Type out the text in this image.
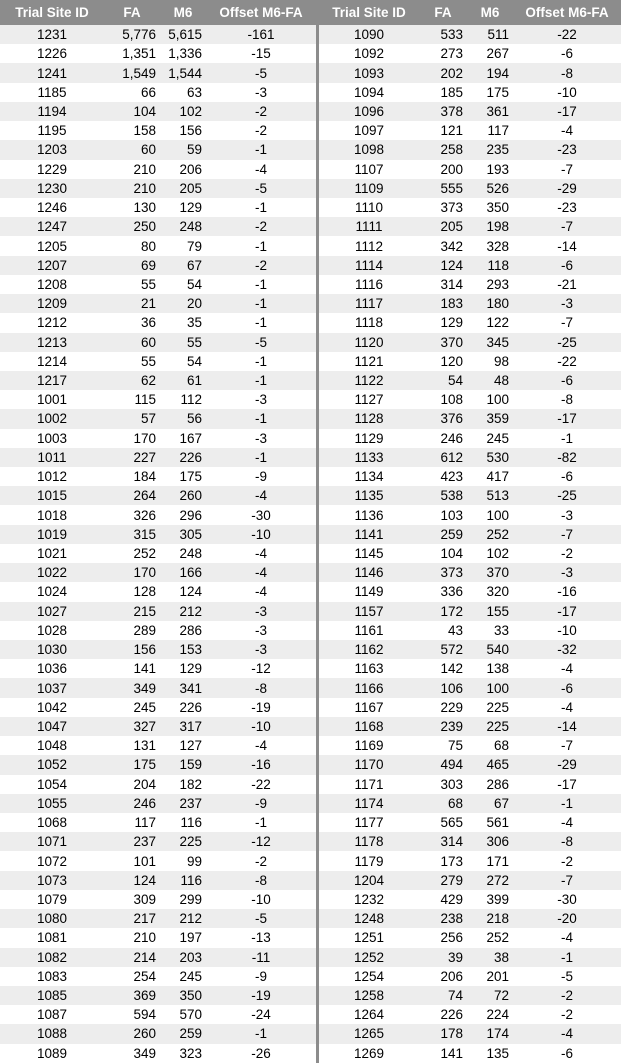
Trial Site ID	FA	M6	Offset M6-FA
1231	5,776	5,615	-161
1226	1,351	1,336	-15
1241	1,549	1,544	-5
1185	66	63	-3
1194	104	102	-2
1195	158	156	-2
1203	60	59	-1
1229	210	206	-4
1230	210	205	-5
1246	130	129	-1
1247	250	248	-2
1205	80	79	-1
1207	69	67	-2
1208	55	54	-1
1209	21	20	-1
1212	36	35	-1
1213	60	55	-5
1214	55	54	-1
1217	62	61	-1
1001	115	112	-3
1002	57	56	-1
1003	170	167	-3
1011	227	226	-1
1012	184	175	-9
1015	264	260	-4
1018	326	296	-30
1019	315	305	-10
1021	252	248	-4
1022	170	166	-4
1024	128	124	-4
1027	215	212	-3
1028	289	286	-3
1030	156	153	-3
1036	141	129	-12
1037	349	341	-8
1042	245	226	-19
1047	327	317	-10
1048	131	127	-4
1052	175	159	-16
1054	204	182	-22
1055	246	237	-9
1068	117	116	-1
1071	237	225	-12
1072	101	99	-2
1073	124	116	-8
1079	309	299	-10
1080	217	212	-5
1081	210	197	-13
1082	214	203	-11
1083	254	245	-9
1085	369	350	-19
1087	594	570	-24
1088	260	259	-1
1089	349	323	-26
Trial Site ID	FA	M6	Offset M6-FA
1090	533	511	-22
1092	273	267	-6
1093	202	194	-8
1094	185	175	-10
1096	378	361	-17
1097	121	117	-4
1098	258	235	-23
1107	200	193	-7
1109	555	526	-29
1110	373	350	-23
1111	205	198	-7
1112	342	328	-14
1114	124	118	-6
1116	314	293	-21
1117	183	180	-3
1118	129	122	-7
1120	370	345	-25
1121	120	98	-22
1122	54	48	-6
1127	108	100	-8
1128	376	359	-17
1129	246	245	-1
1133	612	530	-82
1134	423	417	-6
1135	538	513	-25
1136	103	100	-3
1141	259	252	-7
1145	104	102	-2
1146	373	370	-3
1149	336	320	-16
1157	172	155	-17
1161	43	33	-10
1162	572	540	-32
1163	142	138	-4
1166	106	100	-6
1167	229	225	-4
1168	239	225	-14
1169	75	68	-7
1170	494	465	-29
1171	303	286	-17
1174	68	67	-1
1177	565	561	-4
1178	314	306	-8
1179	173	171	-2
1204	279	272	-7
1232	429	399	-30
1248	238	218	-20
1251	256	252	-4
1252	39	38	-1
1254	206	201	-5
1258	74	72	-2
1264	226	224	-2
1265	178	174	-4
1269	141	135	-6
